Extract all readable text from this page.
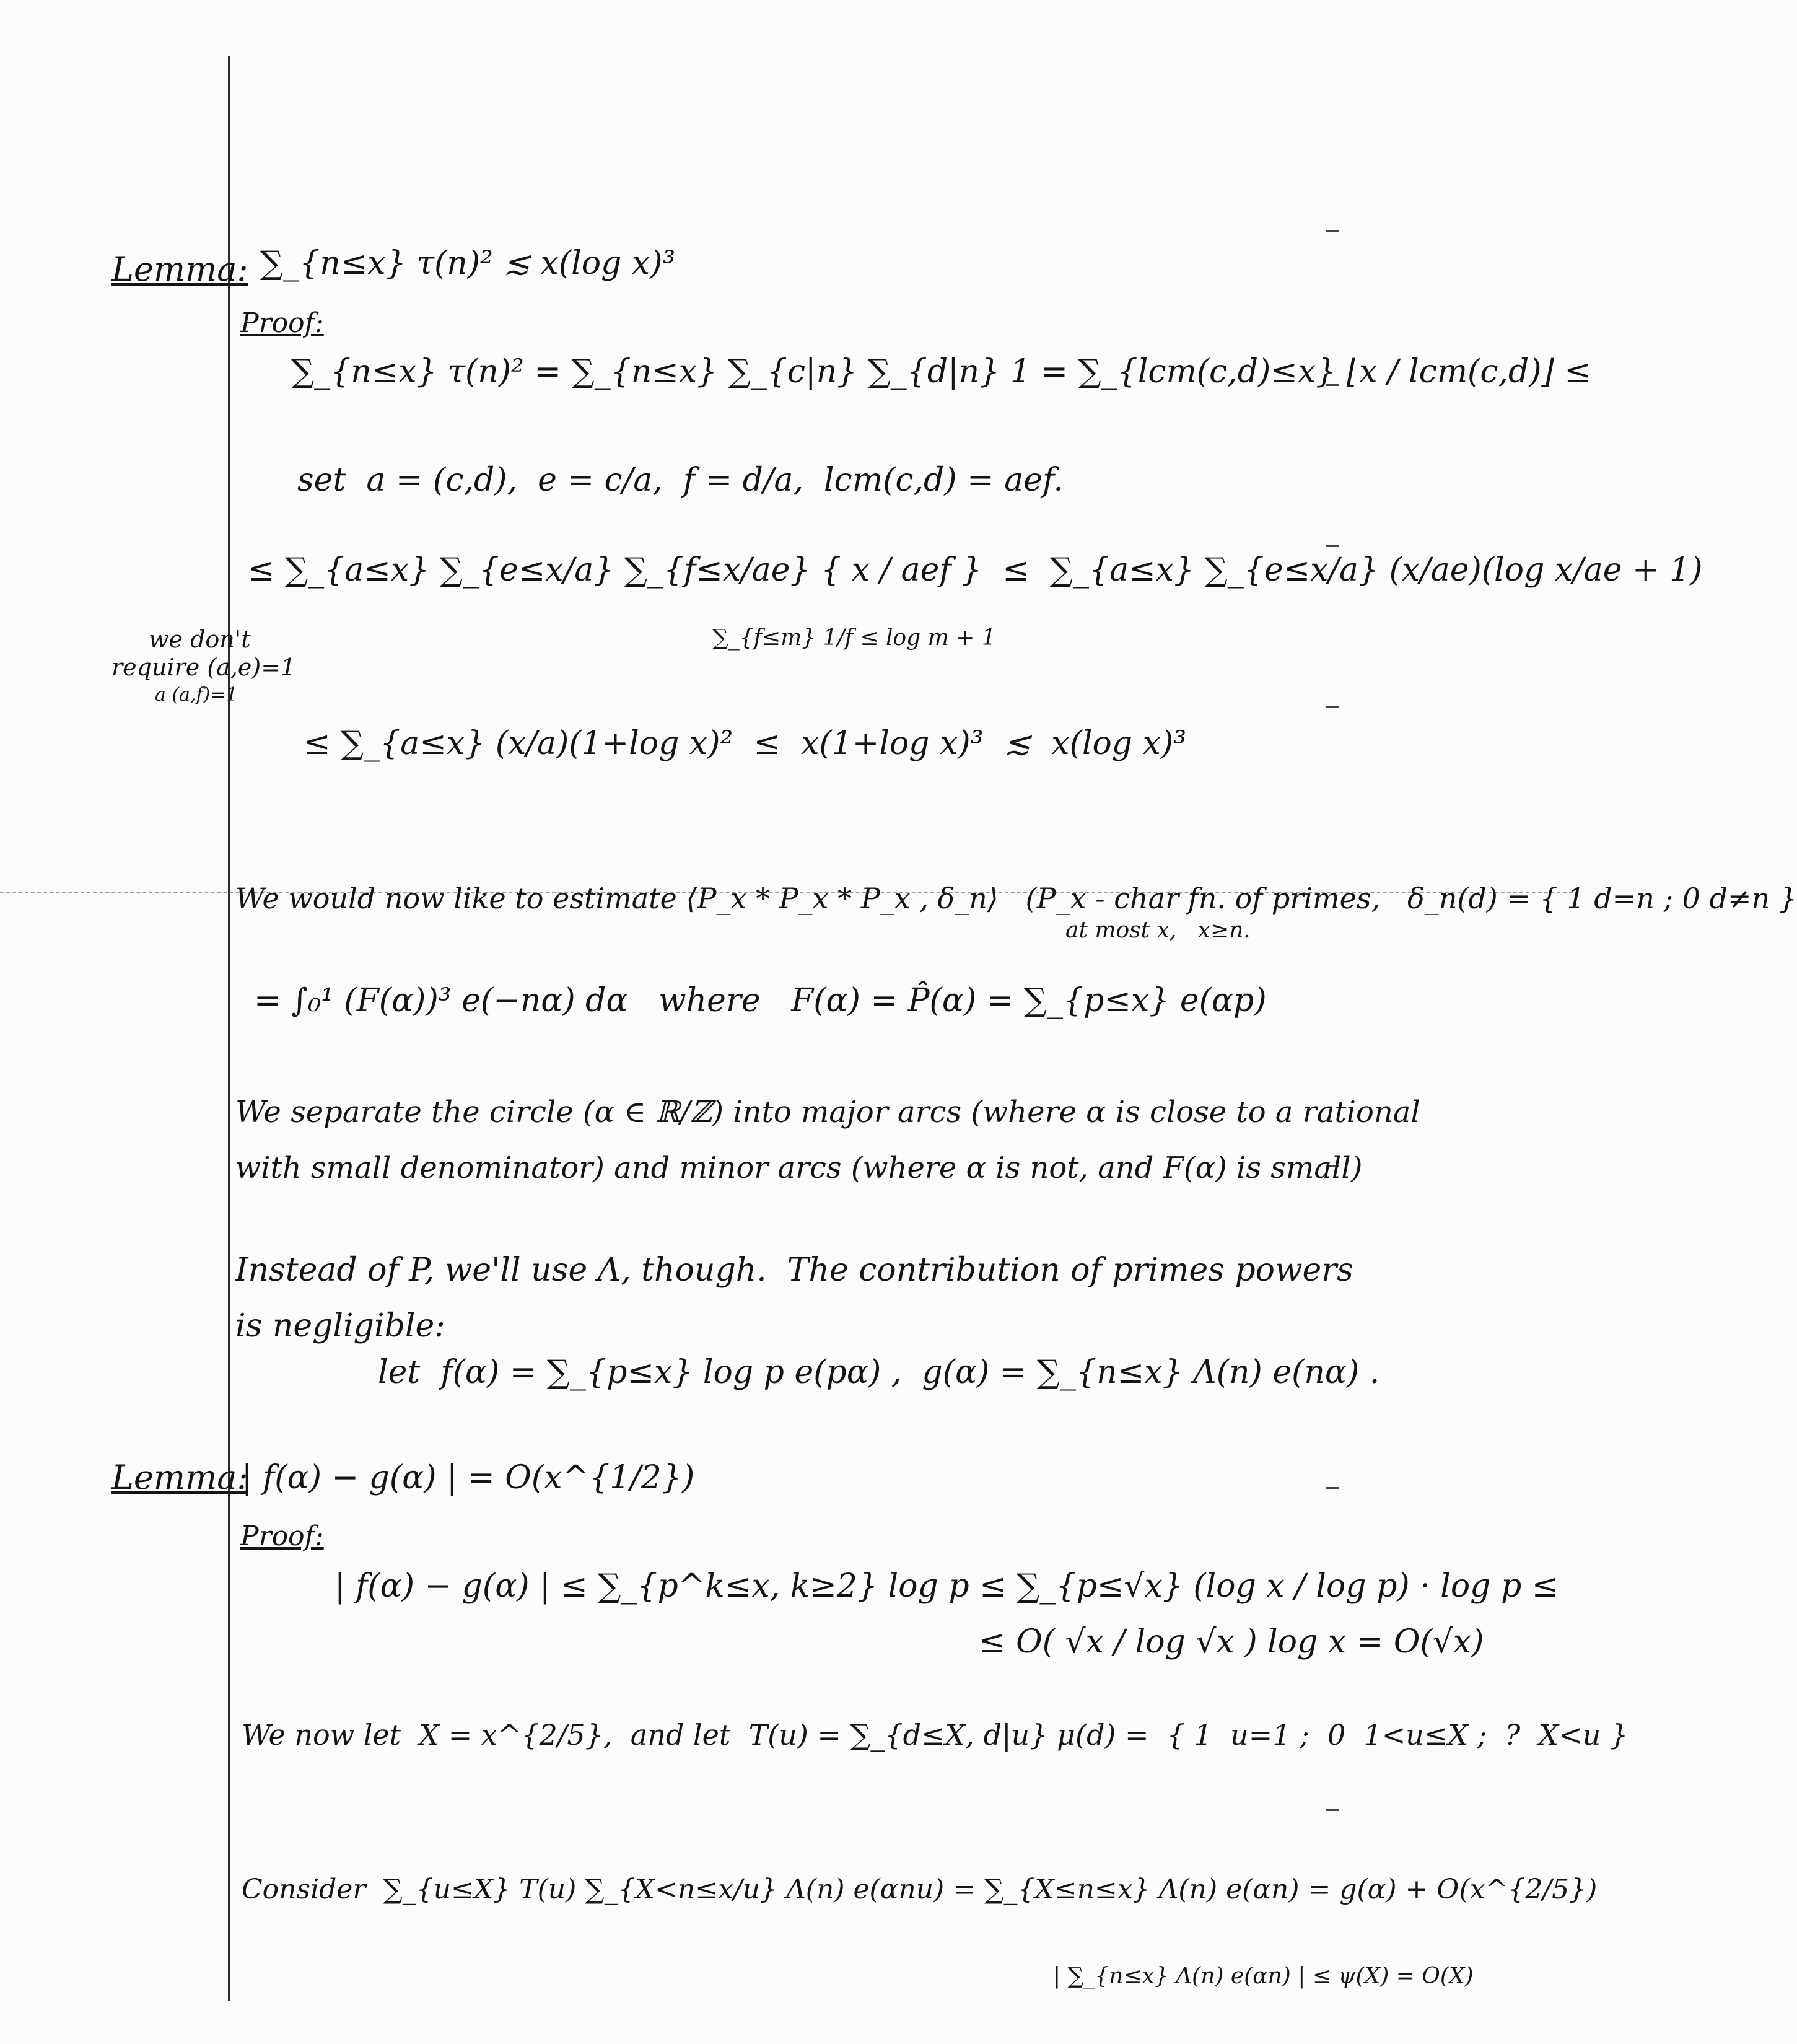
Lemma: ∑_{n≤x} τ(n)² ≲ x(log x)³
Proof:
∑_{n≤x} τ(n)² = ∑_{n≤x} ∑_{c|n} ∑_{d|n} 1 = ∑_{lcm(c,d)≤x} ⌊x / lcm(c,d)⌋ ≤
set  a = (c,d),  e = c/a,  f = d/a,  lcm(c,d) = aef.
≤ ∑_{a≤x} ∑_{e≤x/a} ∑_{f≤x/ae} { x / aef }  ≤  ∑_{a≤x} ∑_{e≤x/a} (x/ae)(log x/ae + 1)
∑_{f≤m} 1/f ≤ log m + 1
we don't
require (a,e)=1
a (a,f)=1
≤ ∑_{a≤x} (x/a)(1+log x)²  ≤  x(1+log x)³  ≲  x(log x)³
We would now like to estimate ⟨P_x * P_x * P_x , δ_n⟩   (P_x - char fn. of primes,   δ_n(d) = { 1 d=n ; 0 d≠n }
at most x,   x≥n.
= ∫₀¹ (F(α))³ e(−nα) dα   where   F(α) = P̂(α) = ∑_{p≤x} e(αp)
We separate the circle (α ∈ ℝ/ℤ) into major arcs (where α is close to a rational
with small denominator) and minor arcs (where α is not, and F(α) is small)
Instead of P, we'll use Λ, though.  The contribution of primes powers
is negligible:
let  f(α) = ∑_{p≤x} log p e(pα) ,  g(α) = ∑_{n≤x} Λ(n) e(nα) .
Lemma:
| f(α) − g(α) | = O(x^{1/2})
Proof:
| f(α) − g(α) | ≤ ∑_{p^k≤x, k≥2} log p ≤ ∑_{p≤√x} (log x / log p) · log p ≤
≤ O( √x / log √x ) log x = O(√x)
We now let  X = x^{2/5},  and let  T(u) = ∑_{d≤X, d|u} μ(d) =  { 1  u=1 ;  0  1<u≤X ;  ?  X<u }
Consider  ∑_{u≤X} T(u) ∑_{X<n≤x/u} Λ(n) e(αnu) = ∑_{X≤n≤x} Λ(n) e(αn) = g(α) + O(x^{2/5})
| ∑_{n≤x} Λ(n) e(αn) | ≤ ψ(X) = O(X)
